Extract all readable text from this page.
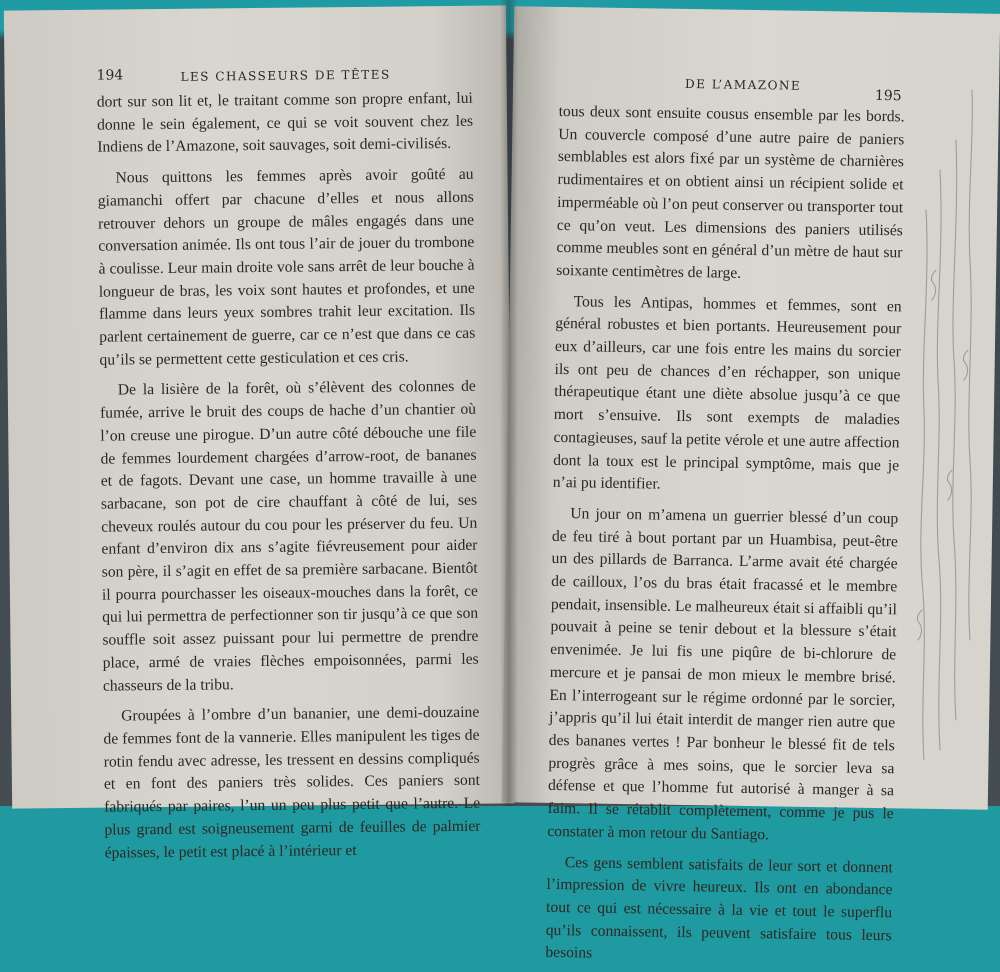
194	LES CHASSEURS DE TÊTES

dort sur son lit et, le traitant comme son propre enfant, lui donne le sein également, ce qui se voit souvent chez les Indiens de l’Amazone, soit sauvages, soit demi-civilisés.

Nous quittons les femmes après avoir goûté au giamanchi offert par chacune d’elles et nous allons retrouver dehors un groupe de mâles engagés dans une conversation animée. Ils ont tous l’air de jouer du trombone à coulisse. Leur main droite vole sans arrêt de leur bouche à longueur de bras, les voix sont hautes et profondes, et une flamme dans leurs yeux sombres trahit leur excitation. Ils parlent certainement de guerre, car ce n’est que dans ce cas qu’ils se permettent cette gesticulation et ces cris.

De la lisière de la forêt, où s’élèvent des colonnes de fumée, arrive le bruit des coups de hache d’un chantier où l’on creuse une pirogue. D’un autre côté débouche une file de femmes lourdement chargées d’arrow-root, de bananes et de fagots. Devant une case, un homme travaille à une sarbacane, son pot de cire chauffant à côté de lui, ses cheveux roulés autour du cou pour les préserver du feu. Un enfant d’environ dix ans s’agite fiévreusement pour aider son père, il s’agit en effet de sa première sarbacane. Bientôt il pourra pourchasser les oiseaux-mouches dans la forêt, ce qui lui permettra de perfectionner son tir jusqu’à ce que son souffle soit assez puissant pour lui permettre de prendre place, armé de vraies flèches empoisonnées, parmi les chasseurs de la tribu.

Groupées à l’ombre d’un bananier, une demi-douzaine de femmes font de la vannerie. Elles manipulent les tiges de rotin fendu avec adresse, les tressent en dessins compliqués et en font des paniers très solides. Ces paniers sont fabriqués par paires, l’un un peu plus petit que l’autre. Le plus grand est soigneusement garni de feuilles de palmier épaisses, le petit est placé à l’intérieur et

DE L’AMAZONE
195

tous deux sont ensuite cousus ensemble par les bords. Un couvercle composé d’une autre paire de paniers semblables est alors fixé par un système de charnières rudimentaires et on obtient ainsi un récipient solide et imperméable où l’on peut conserver ou transporter tout ce qu’on veut. Les dimensions des paniers utilisés comme meubles sont en général d’un mètre de haut sur soixante centimètres de large.

Tous les Antipas, hommes et femmes, sont en général robustes et bien portants. Heureusement pour eux d’ailleurs, car une fois entre les mains du sorcier ils ont peu de chances d’en réchapper, son unique thérapeutique étant une diète absolue jusqu’à ce que mort s’ensuive. Ils sont exempts de maladies contagieuses, sauf la petite vérole et une autre affection dont la toux est le principal symptôme, mais que je n’ai pu identifier.

Un jour on m’amena un guerrier blessé d’un coup de feu tiré à bout portant par un Huambisa, peut-être un des pillards de Barranca. L’arme avait été chargée de cailloux, l’os du bras était fracassé et le membre pendait, insensible. Le malheureux était si affaibli qu’il pouvait à peine se tenir debout et la blessure s’était envenimée. Je lui fis une piqûre de bi-chlorure de mercure et je pansai de mon mieux le membre brisé. En l’interrogeant sur le régime ordonné par le sorcier, j’appris qu’il lui était interdit de manger rien autre que des bananes vertes ! Par bonheur le blessé fit de tels progrès grâce à mes soins, que le sorcier leva sa défense et que l’homme fut autorisé à manger à sa faim. Il se rétablit complètement, comme je pus le constater à mon retour du Santiago.

Ces gens semblent satisfaits de leur sort et donnent l’impression de vivre heureux. Ils ont en abondance tout ce qui est nécessaire à la vie et tout le superflu qu’ils connaissent, ils peuvent satisfaire tous leurs besoins
